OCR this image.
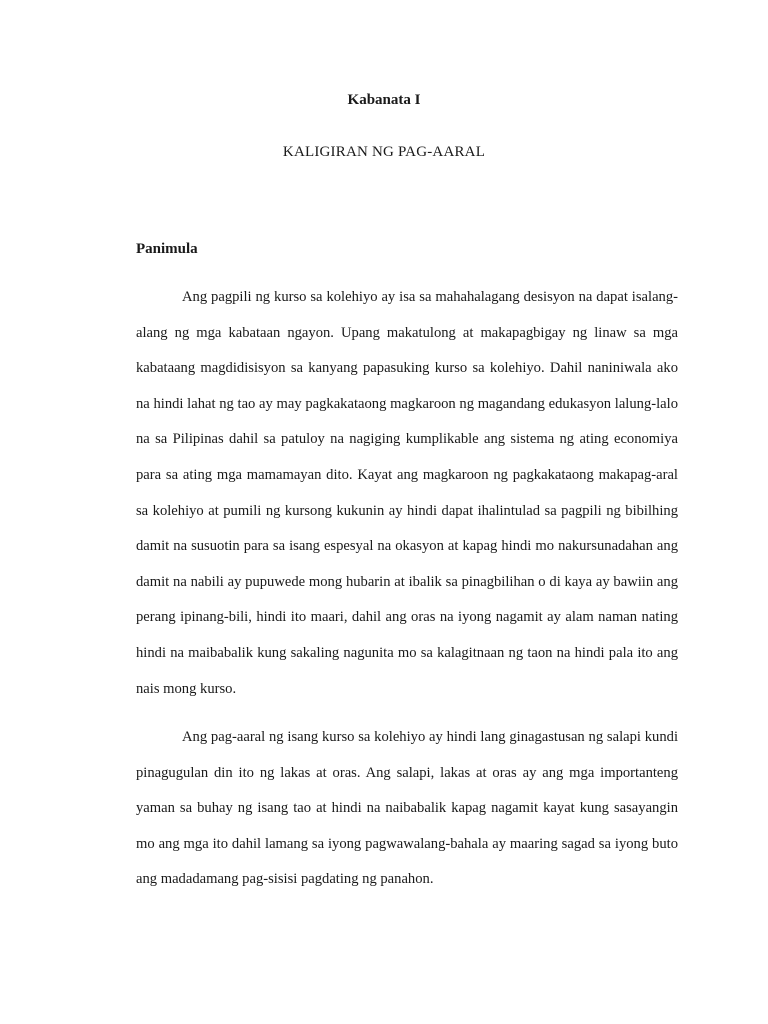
Kabanata I
KALIGIRAN NG PAG-AARAL
Panimula

Ang pagpili ng kurso sa kolehiyo ay isa sa mahahalagang desisyon na dapat isalang-alang ng mga kabataan ngayon. Upang makatulong at makapagbigay ng linaw sa mga kabataang magdidisisyon sa kanyang papasuking kurso sa kolehiyo. Dahil naniniwala ako na hindi lahat ng tao ay may pagkakataong magkaroon ng magandang edukasyon lalung-lalo na sa Pilipinas dahil sa patuloy na nagiging kumplikable ang sistema ng ating economiya para sa ating mga mamamayan dito. Kayat ang magkaroon ng pagkakataong makapag-aral sa kolehiyo at pumili ng kursong kukunin ay hindi dapat ihalintulad sa pagpili ng bibilhing damit na susuotin para sa isang espesyal na okasyon at kapag hindi mo nakursunadahan ang damit na nabili ay pupuwede mong hubarin at ibalik sa pinagbilihan o di kaya ay bawiin ang perang ipinang-bili, hindi ito maari, dahil ang oras na iyong nagamit ay alam naman nating hindi na maibabalik kung sakaling nagunita mo sa kalagitnaan ng taon na hindi pala ito ang nais mong kurso.

Ang pag-aaral ng isang kurso sa kolehiyo ay hindi lang ginagastusan ng salapi kundi pinagugulan din ito ng lakas at oras. Ang salapi, lakas at oras ay ang mga importanteng yaman sa buhay ng isang tao at hindi na naibabalik kapag nagamit kayat kung sasayangin mo ang mga ito dahil lamang sa iyong pagwawalang-bahala ay maaring sagad sa iyong buto ang madadamang pag-sisisi pagdating ng panahon.
